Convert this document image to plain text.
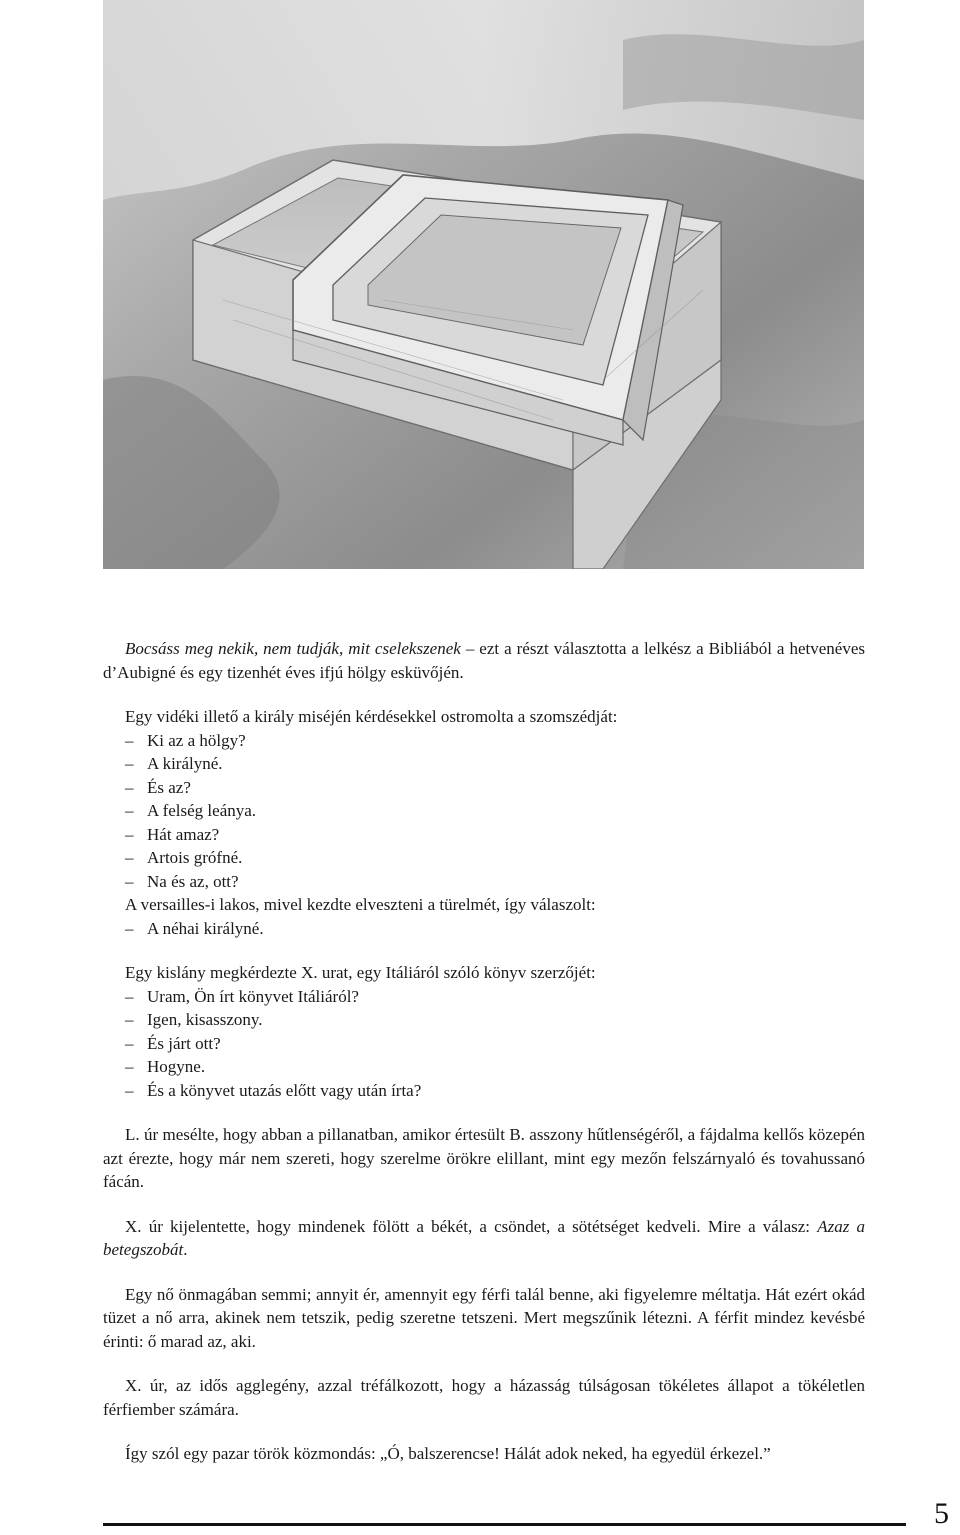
Bocsáss meg nekik, nem tudják, mit cselekszenek – ezt a részt választotta a lelkész a Bibliából a hetvenéves d’Aubigné és egy tizenhét éves ifjú hölgy esküvőjén.

Egy vidéki illető a király miséjén kérdésekkel ostromolta a szomszédját:

– Ki az a hölgy?

– A királyné.

– És az?

– A felség leánya.

– Hát amaz?

– Artois grófné.

– Na és az, ott?

A versailles-i lakos, mivel kezdte elveszteni a türelmét, így válaszolt:

– A néhai királyné.

Egy kislány megkérdezte X. urat, egy Itáliáról szóló könyv szerzőjét:

– Uram, Ön írt könyvet Itáliáról?

– Igen, kisasszony.

– És járt ott?

– Hogyne.

– És a könyvet utazás előtt vagy után írta?

L. úr mesélte, hogy abban a pillanatban, amikor értesült B. asszony hűtlenségéről, a fájdalma kellős közepén azt érezte, hogy már nem szereti, hogy szerelme örökre elillant, mint egy mezőn felszárnyaló és tovahussanó fácán.

X. úr kijelentette, hogy mindenek fölött a békét, a csöndet, a sötétséget kedveli. Mire a válasz: Azaz a betegszobát.

Egy nő önmagában semmi; annyit ér, amennyit egy férfi talál benne, aki figyelemre méltatja. Hát ezért okád tüzet a nő arra, akinek nem tetszik, pedig szeretne tetszeni. Mert megszűnik létezni. A férfit mindez kevésbé érinti: ő marad az, aki.

X. úr, az idős agglegény, azzal tréfálkozott, hogy a házasság túlságosan tökéletes állapot a tökéletlen férfiember számára.

Így szól egy pazar török közmondás: „Ó, balszerencse! Hálát adok neked, ha egyedül érkezel.”

5
